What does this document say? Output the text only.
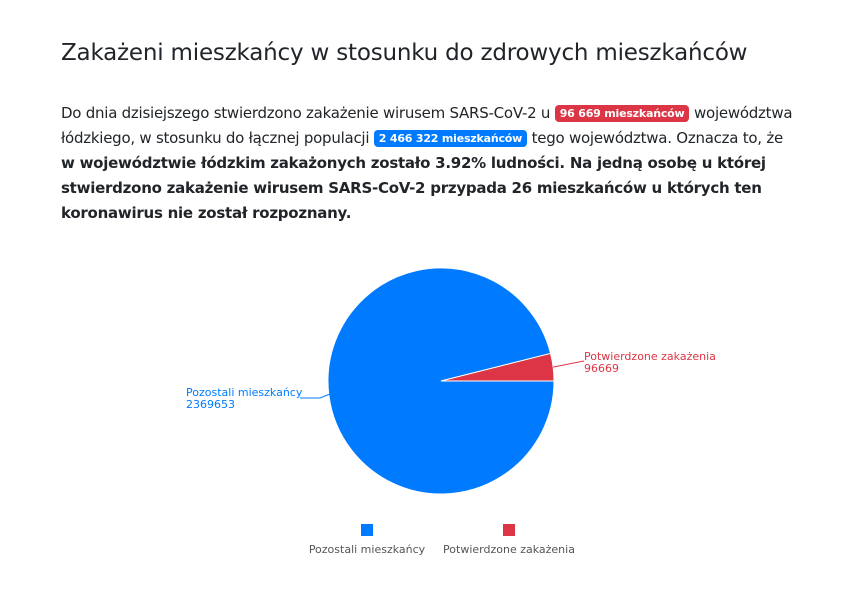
Zakażeni mieszkańcy w stosunku do zdrowych mieszkańców

Do dnia dzisiejszego stwierdzono zakażenie wirusem SARS-CoV-2 u 96 669 mieszkańców województwa łódzkiego, w stosunku do łącznej populacji 2 466 322 mieszkańców tego województwa. Oznacza to, że w województwie łódzkim zakażonych zostało 3.92% ludności. Na jedną osobę u której stwierdzono zakażenie wirusem SARS-CoV-2 przypada 26 mieszkańców u których ten koronawirus nie został rozpoznany.

Potwierdzone zakażenia
96669
Pozostali mieszkańcy
2369653
Pozostali mieszkańcy Potwierdzone zakażenia
